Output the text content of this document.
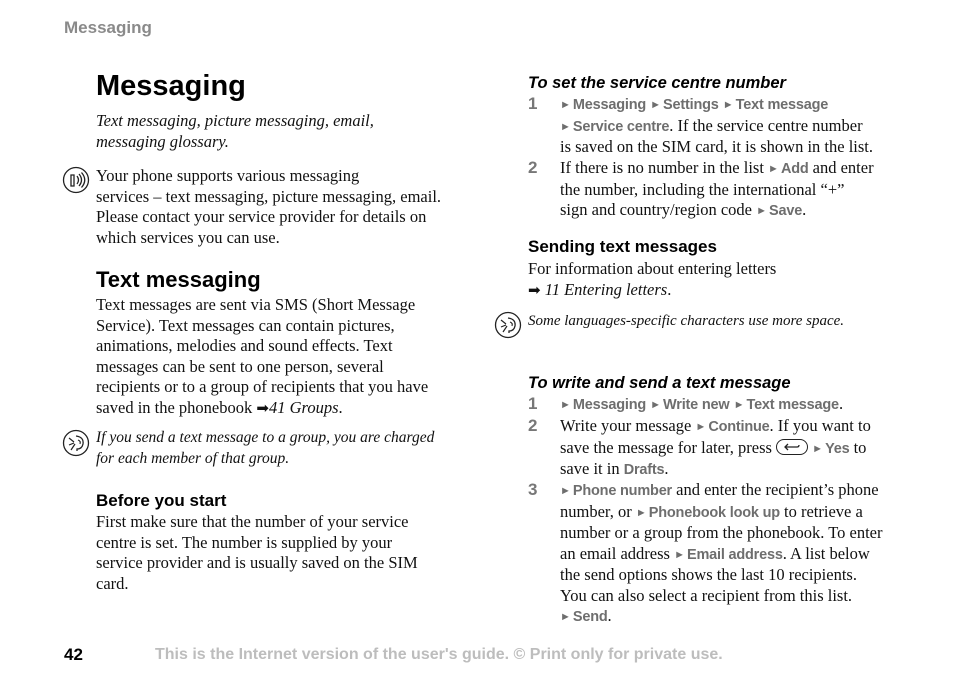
Messaging
Messaging
Text messaging, picture messaging, email,
messaging glossary.
Your phone supports various messaging
services – text messaging, picture messaging, email.
Please contact your service provider for details on
which services you can use.
Text messaging
Text messages are sent via SMS (Short Message
Service). Text messages can contain pictures,
animations, melodies and sound effects. Text
messages can be sent to one person, several
recipients or to a group of recipients that you have
saved in the phonebook ➡41 Groups.
If you send a text message to a group, you are charged
for each member of that group.
Before you start
First make sure that the number of your service
centre is set. The number is supplied by your
service provider and is usually saved on the SIM
card.
To set the service centre number
1 ► Messaging ► Settings ► Text message
► Service centre. If the service centre number
is saved on the SIM card, it is shown in the list.
2 If there is no number in the list ► Add and enter
the number, including the international “+”
sign and country/region code ► Save.
Sending text messages
For information about entering letters
➡ 11 Entering letters.
Some languages-specific characters use more space.
To write and send a text message
1 ► Messaging ► Write new ► Text message.
2 Write your message ► Continue. If you want to
save the message for later, press	► Yes to
save it in Drafts.
3 ► Phone number and enter the recipient’s phone
number, or ► Phonebook look up to retrieve a
number or a group from the phonebook. To enter
an email address ► Email address. A list below
the send options shows the last 10 recipients.
You can also select a recipient from this list.
► Send.
42	This is the Internet version of the user's guide. © Print only for private use.
